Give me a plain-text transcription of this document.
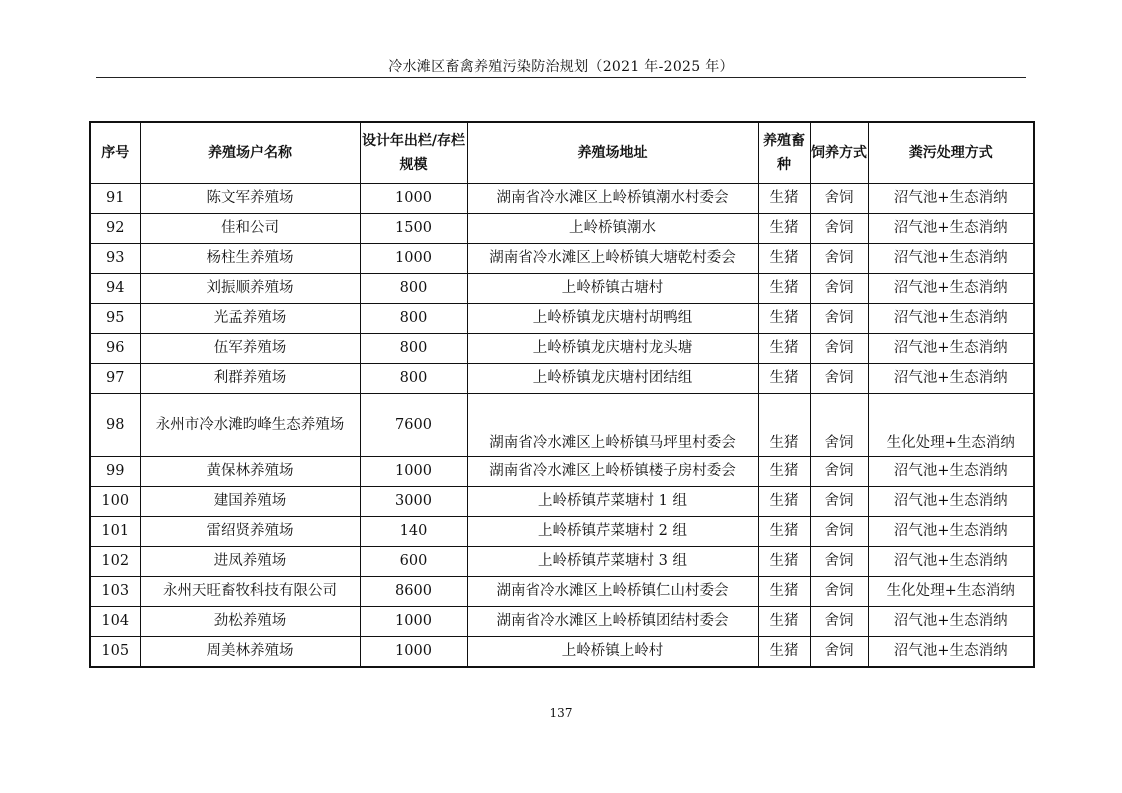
冷水滩区畜禽养殖污染防治规划（2021 年-2025 年）
序号	养殖场户名称	设计年出栏/存栏规模	养殖场地址	养殖畜种	饲养方式	粪污处理方式
91	陈文军养殖场	1000	湖南省冷水滩区上岭桥镇潮水村委会	生猪	舍饲	沼气池+生态消纳
92	佳和公司	1500	上岭桥镇潮水	生猪	舍饲	沼气池+生态消纳
93	杨柱生养殖场	1000	湖南省冷水滩区上岭桥镇大塘乾村委会	生猪	舍饲	沼气池+生态消纳
94	刘振顺养殖场	800	上岭桥镇古塘村	生猪	舍饲	沼气池+生态消纳
95	光孟养殖场	800	上岭桥镇龙庆塘村胡鸭组	生猪	舍饲	沼气池+生态消纳
96	伍军养殖场	800	上岭桥镇龙庆塘村龙头塘	生猪	舍饲	沼气池+生态消纳
97	利群养殖场	800	上岭桥镇龙庆塘村团结组	生猪	舍饲	沼气池+生态消纳
98	永州市冷水滩昀峰生态养殖场	7600	湖南省冷水滩区上岭桥镇马坪里村委会	生猪	舍饲	生化处理+生态消纳
99	黄保林养殖场	1000	湖南省冷水滩区上岭桥镇楼子房村委会	生猪	舍饲	沼气池+生态消纳
100	建国养殖场	3000	上岭桥镇芹菜塘村 1 组	生猪	舍饲	沼气池+生态消纳
101	雷绍贤养殖场	140	上岭桥镇芹菜塘村 2 组	生猪	舍饲	沼气池+生态消纳
102	进凤养殖场	600	上岭桥镇芹菜塘村 3 组	生猪	舍饲	沼气池+生态消纳
103	永州天旺畜牧科技有限公司	8600	湖南省冷水滩区上岭桥镇仁山村委会	生猪	舍饲	生化处理+生态消纳
104	劲松养殖场	1000	湖南省冷水滩区上岭桥镇团结村委会	生猪	舍饲	沼气池+生态消纳
105	周美林养殖场	1000	上岭桥镇上岭村	生猪	舍饲	沼气池+生态消纳
137
